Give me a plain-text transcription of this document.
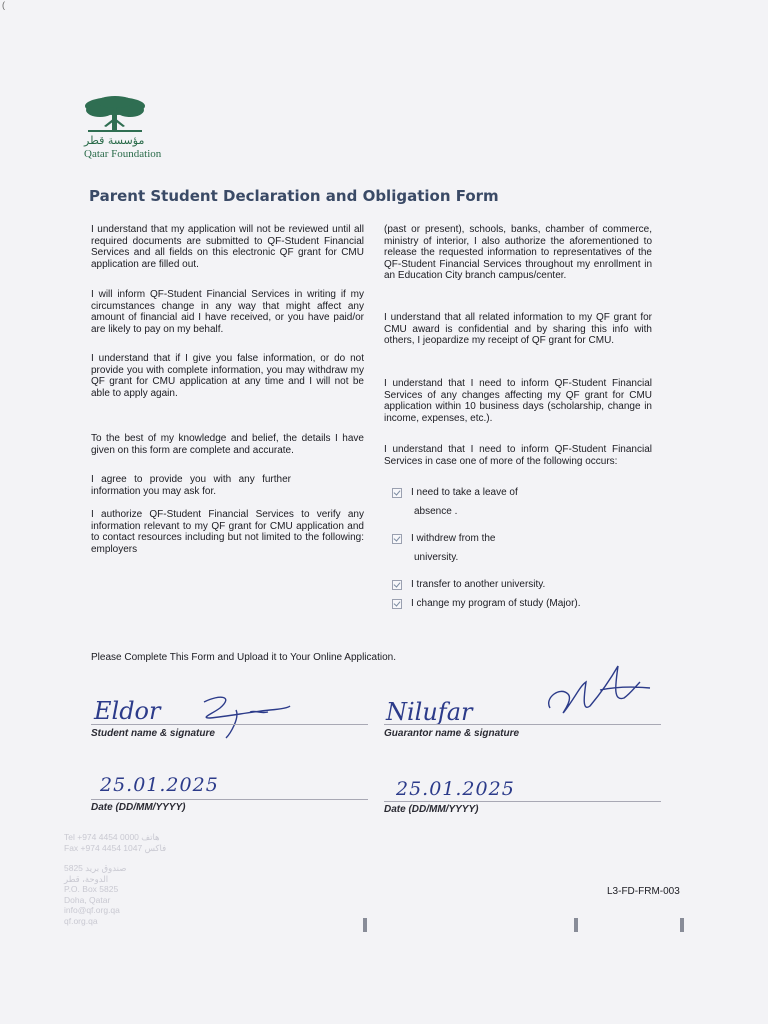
(
مؤسسة قطر
Qatar Foundation
Parent Student Declaration and Obligation Form

I understand that my application will not be reviewed until all required documents are submitted to QF-Student Financial Services and all fields on this electronic QF grant for CMU application are filled out.

I will inform QF-Student Financial Services in writing if my circumstances change in any way that might affect any amount of financial aid I have received, or you have paid/or are likely to pay on my behalf.

I understand that if I give you false information, or do not provide you with complete information, you may withdraw my QF grant for CMU application at any time and I will not be able to apply again.

To the best of my knowledge and belief, the details I have given on this form are complete and accurate.

I agree to provide you with any further information you may ask for.

I authorize QF-Student Financial Services to verify any information relevant to my QF grant for CMU application and to contact resources including but not limited to the following: employers

(past or present), schools, banks, chamber of commerce, ministry of interior, I also authorize the aforementioned to release the requested information to representatives of the QF-Student Financial Services throughout my enrollment in an Education City branch campus/center.

I understand that all related information to my QF grant for CMU award is confidential and by sharing this info with others, I jeopardize my receipt of QF grant for CMU.

I understand that I need to inform QF-Student Financial Services of any changes affecting my QF grant for CMU application within 10 business days (scholarship, change in income, expenses, etc.).

I understand that I need to inform QF-Student Financial Services in case one of more of the following occurs:

I need to take a leave of
absence .
I withdrew from the
university.
I transfer to another university.
I change my program of study (Major).
Please Complete This Form and Upload it to Your Online Application.
Eldor
Student name & signature
Nilufar
Guarantor name & signature
25.01.2025
Date (DD/MM/YYYY)
25.01.2025
Date (DD/MM/YYYY)
Tel +974 4454 0000 هاتف
Fax +974 4454 1047 فاكس
5825 صندوق بريد
الدوحة، قطر
P.O. Box 5825
Doha, Qatar
info@qf.org.qa
qf.org.qa
L3-FD-FRM-003
